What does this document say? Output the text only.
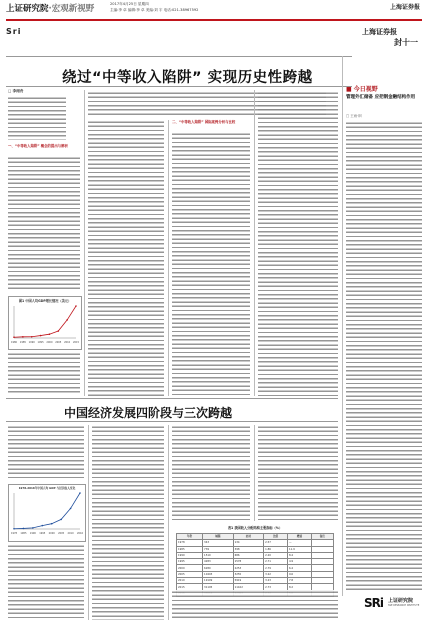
上证研究院·宏观新视野	2017年4月25日 星期四
主编:李 卓 编辑:李 卓 美编:刘 宇 电话:021-38967592	上海证券报
Sri	上海证券报
封十一
绕过“中等收入陷阱” 实现历史性跨越
□ 李雨舟
一、“中等收入陷阱” 概念的提出与辨析
图1 中国人均GDP增长情况（美元）
1980 1985 1990 1995 2000 2005 2010 2015
二、“中等收入陷阱” 国际案例分析与比较
■ 今日视野
管理外汇储备 应把钢金融结构作用
□ 王雨·荆
中国经济发展四阶段与三次跨越
1978-2016年中国人均 GDP 与居民收入变化
1978 1985 1990 1995 2000 2005 2010 2016
表1 我国收入分配结构主要指标（%）
年份	城镇	农村	比值	增速	备注
1978	343	134	2.57	—	
1985	739	398	1.86	11.9	
1990	1510	686	2.20	8.4	
1995	4283	1578	2.71	4.9	
2000	6280	2253	2.79	6.4	
2005	10493	3255	3.22	9.6	
2010	19109	5919	3.23	7.8	
2015	31195	11422	2.73	8.2	

SRi	上证研究院
SSE RESEARCH INSTITUTE
